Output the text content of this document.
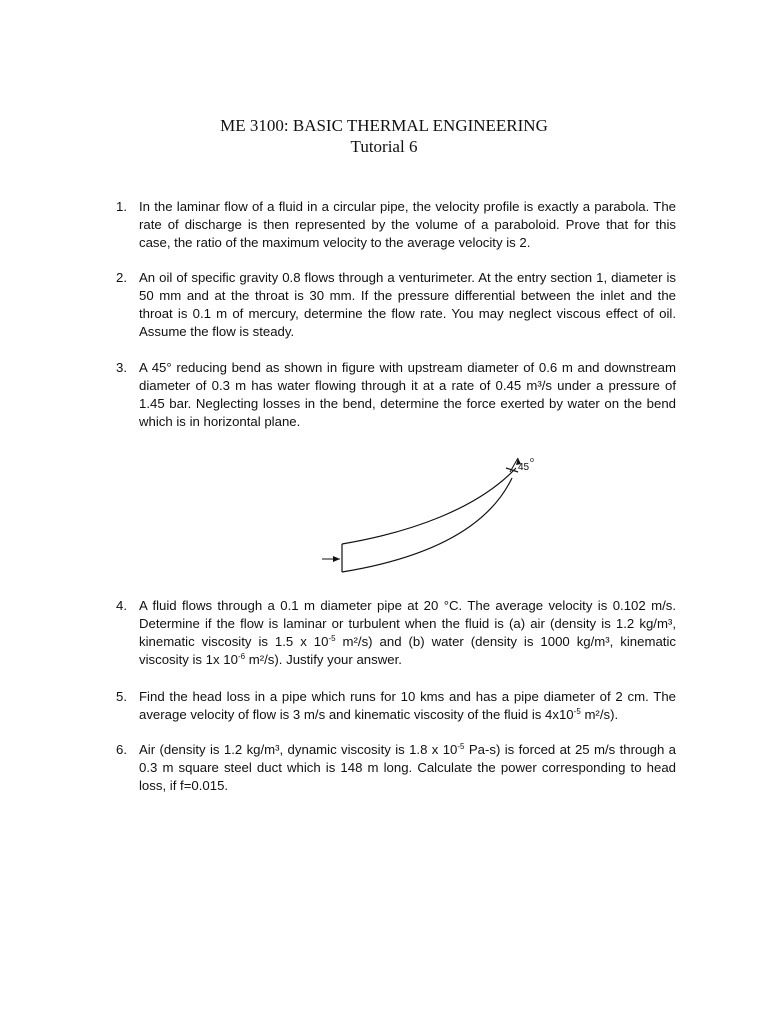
ME 3100: BASIC THERMAL ENGINEERING
Tutorial 6
1. In the laminar flow of a fluid in a circular pipe, the velocity profile is exactly a parabola. The rate of discharge is then represented by the volume of a paraboloid. Prove that for this case, the ratio of the maximum velocity to the average velocity is 2.

2. An oil of specific gravity 0.8 flows through a venturimeter. At the entry section 1, diameter is 50 mm and at the throat is 30 mm. If the pressure differential between the inlet and the throat is 0.1 m of mercury, determine the flow rate. You may neglect viscous effect of oil. Assume the flow is steady.

3. A 45° reducing bend as shown in figure with upstream diameter of 0.6 m and downstream diameter of 0.3 m has water flowing through it at a rate of 0.45 m³/s under a pressure of 1.45 bar. Neglecting losses in the bend, determine the force exerted by water on the bend which is in horizontal plane.

45
o
4. A fluid flows through a 0.1 m diameter pipe at 20 °C. The average velocity is 0.102 m/s. Determine if the flow is laminar or turbulent when the fluid is (a) air (density is 1.2 kg/m³, kinematic viscosity is 1.5 x $10^{-5}$ m²/s) and (b) water (density is 1000 kg/m³, kinematic viscosity is 1x $10^{-6}$ m²/s). Justify your answer.

5. Find the head loss in a pipe which runs for 10 kms and has a pipe diameter of 2 cm. The average velocity of flow is 3 m/s and kinematic viscosity of the fluid is $4x10^{-5}$ m²/s).

6. Air (density is 1.2 kg/m³, dynamic viscosity is 1.8 x $10^{-5}$ Pa-s) is forced at 25 m/s through a 0.3 m square steel duct which is 148 m long. Calculate the power corresponding to head loss, if f=0.015.
